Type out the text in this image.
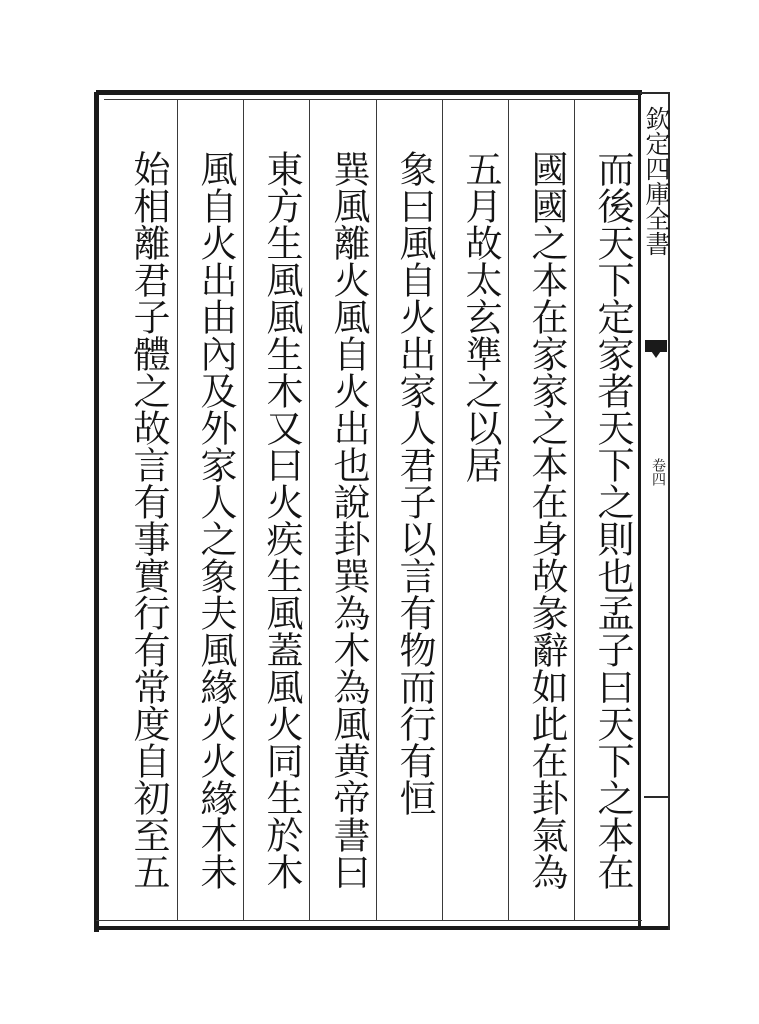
欽定四庫全書
卷四
而後天下定家者天下之則也孟子曰天下之本在
國國之本在家家之本在身故彖辭如此在卦氣為
五月故太玄準之以居
象曰風自火出家人君子以言有物而行有恒
巽風離火風自火出也說卦巽為木為風黄帝書曰
東方生風風生木又曰火疾生風蓋風火同生於木
風自火出由內及外家人之象夫風緣火火緣木未
始相離君子體之故言有事實行有常度自初至五
